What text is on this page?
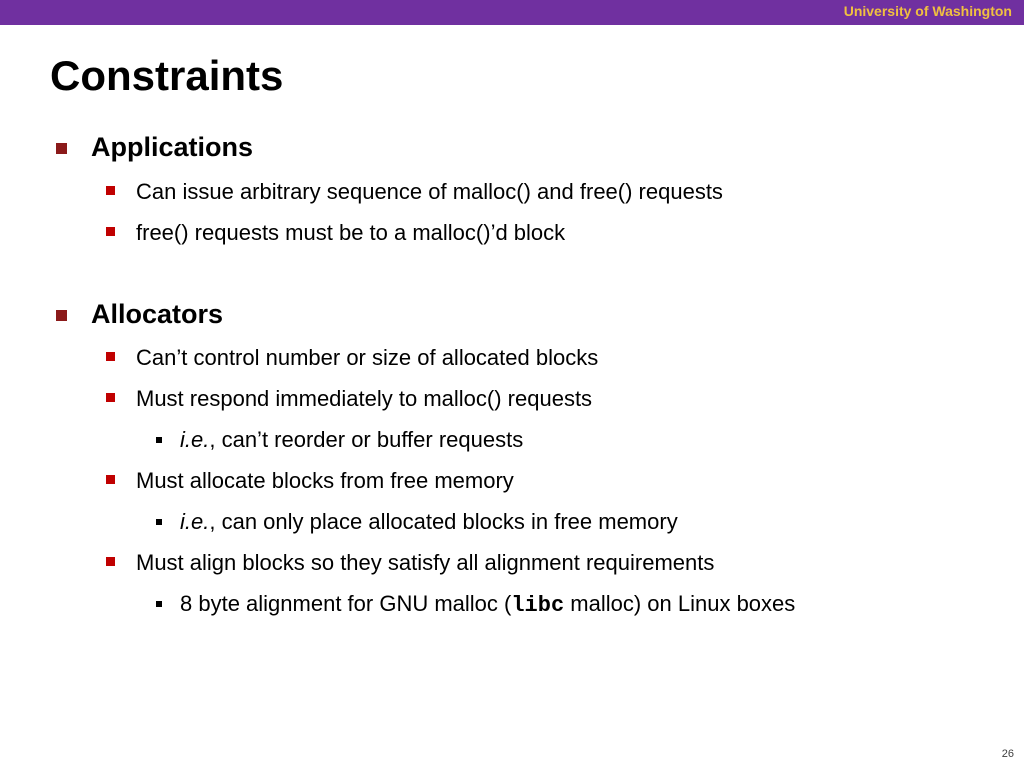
University of Washington
Constraints
Applications
Can issue arbitrary sequence of malloc() and free() requests
free() requests must be to a malloc()’d block
Allocators
Can’t control number or size of allocated blocks
Must respond immediately to malloc() requests
i.e., can’t reorder or buffer requests
Must allocate blocks from free memory
i.e., can only place allocated blocks in free memory
Must align blocks so they satisfy all alignment requirements
8 byte alignment for GNU malloc (libc malloc) on Linux boxes
26
